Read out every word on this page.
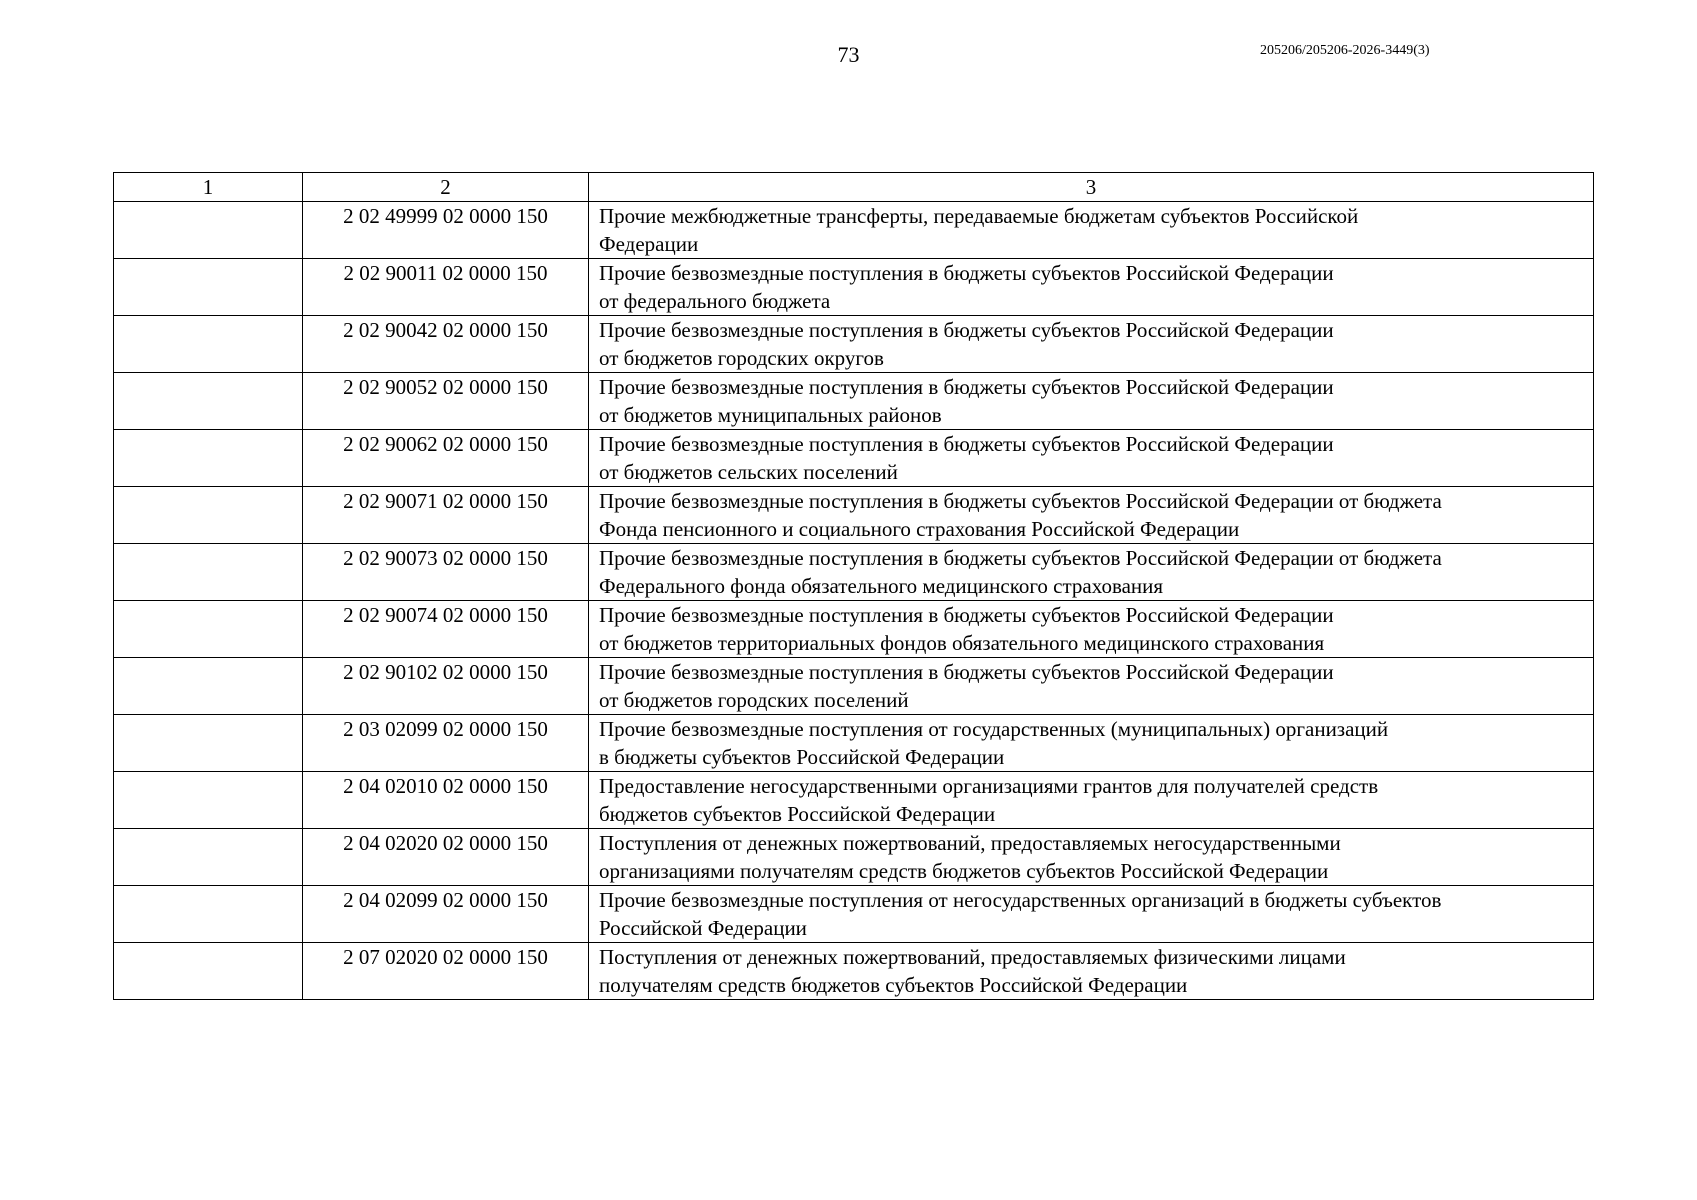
73	205206/205206-2026-3449(3)
1	2	3
	2 02 49999 02 0000 150	Прочие межбюджетные трансферты, передаваемые бюджетам субъектов Российской
Федерации

	2 02 90011 02 0000 150	Прочие безвозмездные поступления в бюджеты субъектов Российской Федерации
от федерального бюджета

	2 02 90042 02 0000 150	Прочие безвозмездные поступления в бюджеты субъектов Российской Федерации
от бюджетов городских округов

	2 02 90052 02 0000 150	Прочие безвозмездные поступления в бюджеты субъектов Российской Федерации
от бюджетов муниципальных районов

	2 02 90062 02 0000 150	Прочие безвозмездные поступления в бюджеты субъектов Российской Федерации
от бюджетов сельских поселений

	2 02 90071 02 0000 150	Прочие безвозмездные поступления в бюджеты субъектов Российской Федерации от бюджета
Фонда пенсионного и социального страхования Российской Федерации

	2 02 90073 02 0000 150	Прочие безвозмездные поступления в бюджеты субъектов Российской Федерации от бюджета
Федерального фонда обязательного медицинского страхования

	2 02 90074 02 0000 150	Прочие безвозмездные поступления в бюджеты субъектов Российской Федерации
от бюджетов территориальных фондов обязательного медицинского страхования

	2 02 90102 02 0000 150	Прочие безвозмездные поступления в бюджеты субъектов Российской Федерации
от бюджетов городских поселений

	2 03 02099 02 0000 150	Прочие безвозмездные поступления от государственных (муниципальных) организаций
в бюджеты субъектов Российской Федерации

	2 04 02010 02 0000 150	Предоставление негосударственными организациями грантов для получателей средств
бюджетов субъектов Российской Федерации

	2 04 02020 02 0000 150	Поступления от денежных пожертвований, предоставляемых негосударственными
организациями получателям средств бюджетов субъектов Российской Федерации

	2 04 02099 02 0000 150	Прочие безвозмездные поступления от негосударственных организаций в бюджеты субъектов
Российской Федерации

	2 07 02020 02 0000 150	Поступления от денежных пожертвований, предоставляемых физическими лицами
получателям средств бюджетов субъектов Российской Федерации
